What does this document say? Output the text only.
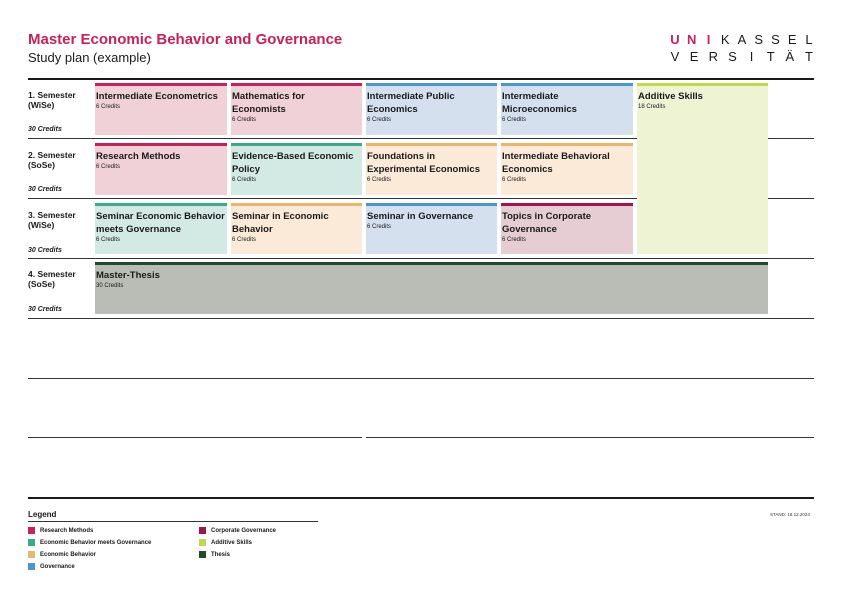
Master Economic Behavior and Governance
Study plan (example)
U N I K A S S E L
V E R S	I	T Ä T
1. Semester
(WiSe)
30 Credits
2. Semester
(SoSe)
30 Credits
3. Semester
(WiSe)
30 Credits
4. Semester
(SoSe)
30 Credits
Intermediate Econometrics
6 Credits
Mathematics for Economists
6 Credits
Intermediate Public Economics
6 Credits
Intermediate Microeconomics
6 Credits
Additive Skills
18 Credits
Research Methods
6 Credits
Evidence-Based Economic Policy
6 Credits
Foundations in Experimental Economics
6 Credits
Intermediate Behavioral Economics
6 Credits
Seminar Economic Behavior meets Governance
6 Credits
Seminar in Economic Behavior
6 Credits
Seminar in Governance
6 Credits
Topics in Corporate Governance
6 Credits
Master-Thesis
30 Credits
Legend
Research Methods
Economic Behavior meets Governance
Economic Behavior
Governance
Corporate Governance
Additive Skills
Thesis
STAND: 18.12.2024
